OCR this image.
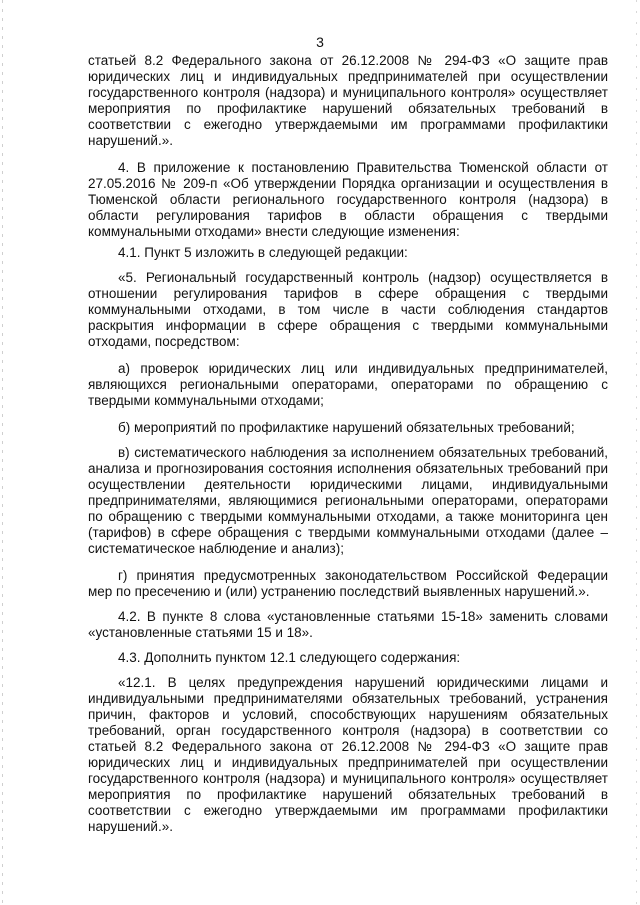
3

статьей 8.2 Федерального закона от 26.12.2008 № 294-ФЗ «О защите прав юридических лиц и индивидуальных предпринимателей при осуществлении государственного контроля (надзора) и муниципального контроля» осуществляет мероприятия по профилактике нарушений обязательных требований в соответствии с ежегодно утверждаемыми им программами профилактики нарушений.».

4. В приложение к постановлению Правительства Тюменской области от 27.05.2016 № 209-п «Об утверждении Порядка организации и осуществления в Тюменской области регионального государственного контроля (надзора) в области регулирования тарифов в области обращения с твердыми коммунальными отходами» внести следующие изменения:

4.1. Пункт 5 изложить в следующей редакции:

«5. Региональный государственный контроль (надзор) осуществляется в отношении регулирования тарифов в сфере обращения с твердыми коммунальными отходами, в том числе в части соблюдения стандартов раскрытия информации в сфере обращения с твердыми коммунальными отходами, посредством:

а) проверок юридических лиц или индивидуальных предпринимателей, являющихся региональными операторами, операторами по обращению с твердыми коммунальными отходами;

б) мероприятий по профилактике нарушений обязательных требований;

в) систематического наблюдения за исполнением обязательных требований, анализа и прогнозирования состояния исполнения обязательных требований при осуществлении деятельности юридическими лицами, индивидуальными предпринимателями, являющимися региональными операторами, операторами по обращению с твердыми коммунальными отходами, а также мониторинга цен (тарифов) в сфере обращения с твердыми коммунальными отходами (далее – систематическое наблюдение и анализ);

г) принятия предусмотренных законодательством Российской Федерации мер по пресечению и (или) устранению последствий выявленных нарушений.».

4.2. В пункте 8 слова «установленные статьями 15-18» заменить словами «установленные статьями 15 и 18».

4.3. Дополнить пунктом 12.1 следующего содержания:

«12.1. В целях предупреждения нарушений юридическими лицами и индивидуальными предпринимателями обязательных требований, устранения причин, факторов и условий, способствующих нарушениям обязательных требований, орган государственного контроля (надзора) в соответствии со статьей 8.2 Федерального закона от 26.12.2008 № 294-ФЗ «О защите прав юридических лиц и индивидуальных предпринимателей при осуществлении государственного контроля (надзора) и муниципального контроля» осуществляет мероприятия по профилактике нарушений обязательных требований в соответствии с ежегодно утверждаемыми им программами профилактики нарушений.».
